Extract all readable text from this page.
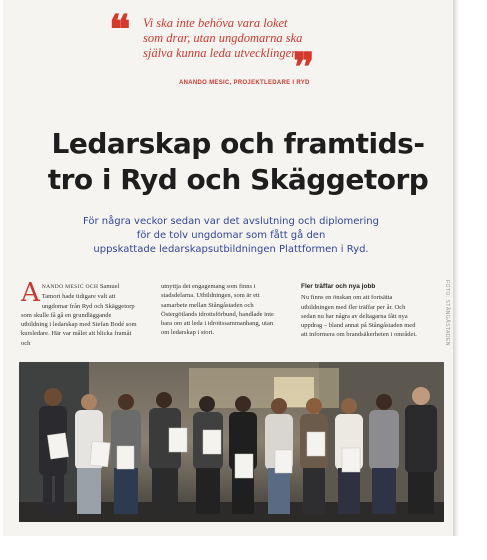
❝ Vi ska inte behöva vara loket
som drar, utan ungdomarna ska
själva kunna leda utvecklingen.
❞
ANANDO MESIC, PROJEKTLEDARE I RYD
Ledarskap och framtids-
tro i Ryd och Skäggetorp
För några veckor sedan var det avslutning och diplomering
för de tolv ungdomar som fått gå den
uppskattade ledarskapsutbildningen Plattformen i Ryd.
ANANDO MESIC OCH Samuel Tamori hade tidigare valt att ungdomar från Ryd och Skäggetorp som skulle få gå en grundläggande utbildning i ledarskap med Stefan Bodé som kursledare. Här var målet att blicka framåt och
utnyttja det engagemang som finns i stadsdelarna. Utbildningen, som är ett samarbete mellan Stångåstaden och Östergötlands idrottsförbund, handlade inte bara om att leda i idrottssammanhang, utan om ledarskap i stort.
Fler träffar och nya jobb
Nu finns en önskan om att fortsätta utbildningen med fler träffar per år. Och sedan nu har några av deltagarna fått nya uppdrag – bland annat på Stångåstaden med att informera om brandsäkerheten i området.	FOTO: STÅNGÅSTADEN
